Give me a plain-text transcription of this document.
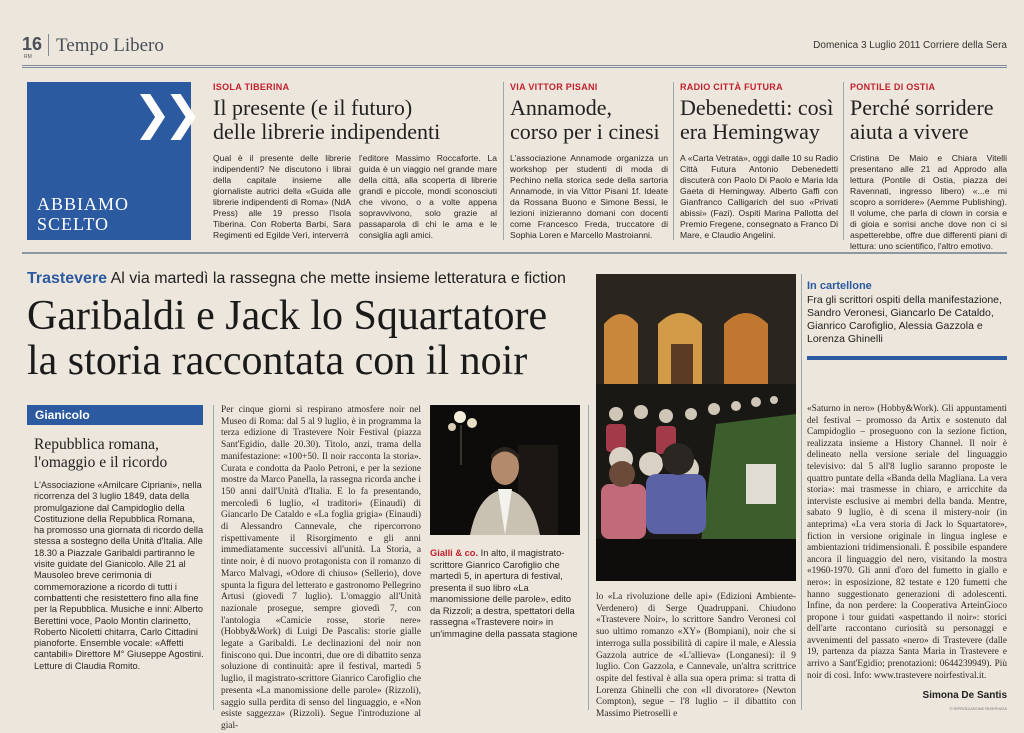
16
RM
Tempo Libero	Domenica 3 Luglio 2011 Corriere della Sera
❯❯
ABBIAMO
SCELTO
ISOLA TIBERINA
Il presente (e il futuro)
delle librerie indipendenti
Qual è il presente delle librerie indipendenti? Ne discutono i librai della capitale insieme alle giornaliste autrici della «Guida alle librerie indipendenti di Roma» (NdA Press) alle 19 presso l'Isola Tiberina. Con Roberta Barbi, Sara Regimenti ed Egilde Verì, interverrà
l'editore Massimo Roccaforte. La guida è un viaggio nel grande mare della città, alla scoperta di librerie grandi e piccole, mondi sconosciuti che vivono, o a volte appena sopravvivono, solo grazie al passaparola di chi le ama e le consiglia agli amici.
VIA VITTOR PISANI
Annamode,
corso per i cinesi
L'associazione Annamode organizza un workshop per studenti di moda di Pechino nella storica sede della sartoria Annamode, in via Vittor Pisani 1f. Ideate da Rossana Buono e Simone Bessi, le lezioni inizieranno domani con docenti come Francesco Freda, truccatore di Sophia Loren e Marcello Mastroianni.
RADIO CITTÀ FUTURA
Debenedetti: così
era Hemingway
A «Carta Vetrata», oggi dalle 10 su Radio Città Futura Antonio Debenedetti discuterà con Paolo Di Paolo e Maria Ida Gaeta di Hemingway. Alberto Gaffi con Gianfranco Calligarich del suo «Privati abissi» (Fazi). Ospiti Marina Pallotta del Premio Fregene, consegnato a Franco Di Mare, e Claudio Angelini.
PONTILE DI OSTIA
Perché sorridere
aiuta a vivere
Cristina De Maio e Chiara Vitelli presentano alle 21 ad Approdo alla lettura (Pontile di Ostia, piazza dei Ravennati, ingresso libero) «...e mi scopro a sorridere» (Aemme Publishing). Il volume, che parla di clown in corsia e di gioia e sorrisi anche dove non ci si aspetterebbe, offre due differenti piani di lettura: uno scientifico, l'altro emotivo.
Trastevere Al via martedì la rassegna che mette insieme letteratura e fiction
Garibaldi e Jack lo Squartatore
la storia raccontata con il noir
Gianicolo
Repubblica romana,
l'omaggio e il ricordo
L'Associazione «Amilcare Cipriani», nella ricorrenza del 3 luglio 1849, data della promulgazione dal Campidoglio della Costituzione della Repubblica Romana, ha promosso una giornata di ricordo della stessa a sostegno della Unità d'Italia. Alle 18.30 a Piazzale Garibaldi partiranno le visite guidate del Gianicolo. Alle 21 al Mausoleo breve cerimonia di commemorazione a ricordo di tutti i combattenti che resistettero fino alla fine per la Repubblica. Musiche e inni: Alberto Berettini voce, Paolo Montin clarinetto, Roberto Nicoletti chitarra, Carlo Cittadini pianoforte. Ensemble vocale: «Affetti cantabili» Direttore M° Giuseppe Agostini. Letture di Claudia Romito.
Per cinque giorni si respirano atmosfere noir nel Museo di Roma: dal 5 al 9 luglio, è in programma la terza edizione di Trastevere Noir Festival (piazza Sant'Egidio, dalle 20.30). Titolo, anzi, trama della manifestazione: «100+50. Il noir racconta la storia». Curata e condotta da Paolo Petroni, e per la sezione mostre da Marco Panella, la rassegna ricorda anche i 150 anni dall'Unità d'Italia. E lo fa presentando, mercoledì 6 luglio, «I traditori» (Einaudi) di Giancarlo De Cataldo e «La foglia grigia» (Einaudi) di Alessandro Cannevale, che ripercorrono rispettivamente il Risorgimento e gli anni immediatamente successivi all'unità. La Storia, a tinte noir, è di nuovo protagonista con il romanzo di Marco Malvagi, «Odore di chiuso» (Sellerio), dove spunta la figura del letterato e gastronomo Pellegrino Artusi (giovedì 7 luglio). L'omaggio all'Unità nazionale prosegue, sempre giovedì 7, con l'antologia «Camicie rosse, storie nere» (Hobby&Work) di Luigi De Pascalis: storie gialle legate a Garibaldi. Le declinazioni del noir non finiscono qui. Due incontri, due ore di dibattito senza soluzione di continuità: apre il festival, martedì 5 luglio, il magistrato-scrittore Gianrico Carofiglio che presenta «La manomissione delle parole» (Rizzoli), saggio sulla perdita di senso del linguaggio, e «Non esiste saggezza» (Rizzoli). Segue l'introduzione al gial-
Gialli & co. In alto, il magistrato-scrittore Gianrico Carofiglio che martedì 5, in apertura di festival, presenta il suo libro «La manomissione delle parole», edito da Rizzoli; a destra, spettatori della rassegna «Trastevere noir» in un'immagine della passata stagione
lo «La rivoluzione delle api» (Edizioni Ambiente-Verdenero) di Serge Quadruppani. Chiudono «Trastevere Noir», lo scrittore Sandro Veronesi col suo ultimo romanzo «XY» (Bompiani), noir che si interroga sulla possibilità di capire il male, e Alessia Gazzola autrice de «L'allieva» (Longanesi): il 9 luglio. Con Gazzola, e Cannevale, un'altra scrittrice ospite del festival è alla sua opera prima: si tratta di Lorenza Ghinelli che con «Il divoratore» (Newton Compton), segue – l'8 luglio – il dibattito con Massimo Pietroselli e
In cartellone
Fra gli scrittori ospiti della manifestazione, Sandro Veronesi, Giancarlo De Cataldo, Gianrico Carofiglio, Alessia Gazzola e Lorenza Ghinelli
«Saturno in nero» (Hobby&Work). Gli appuntamenti del festival – promosso da Artix e sostenuto dal Campidoglio – proseguono con la sezione fiction, realizzata insieme a History Channel. Il noir è delineato nella versione seriale del linguaggio televisivo: dal 5 all'8 luglio saranno proposte le quattro puntate della «Banda della Magliana. La vera storia»: mai trasmesse in chiaro, e arricchite da interviste esclusive ai membri della banda. Mentre, sabato 9 luglio, è di scena il mistery-noir (in anteprima) «La vera storia di Jack lo Squartatore», fiction in versione originale in lingua inglese e ambientazioni tridimensionali. È possibile espandere ancora il linguaggio del nero, visitando la mostra «1960-1970. Gli anni d'oro del fumetto in giallo e nero»: in esposizione, 82 testate e 120 fumetti che hanno suggestionato generazioni di adolescenti. Infine, da non perdere: la Cooperativa ArteinGioco propone i tour guidati «aspettando il noir»: storici dell'arte raccontano curiosità su personaggi e avvenimenti del passato «nero» di Trastevere (dalle 19, partenza da piazza Santa Maria in Trastevere e arrivo a Sant'Egidio; prenotazioni: 0644239949). Più noir di così. Info: www.trastevere noirfestival.it.
Simona De Santis
© RIPRODUZIONE RISERVATA
